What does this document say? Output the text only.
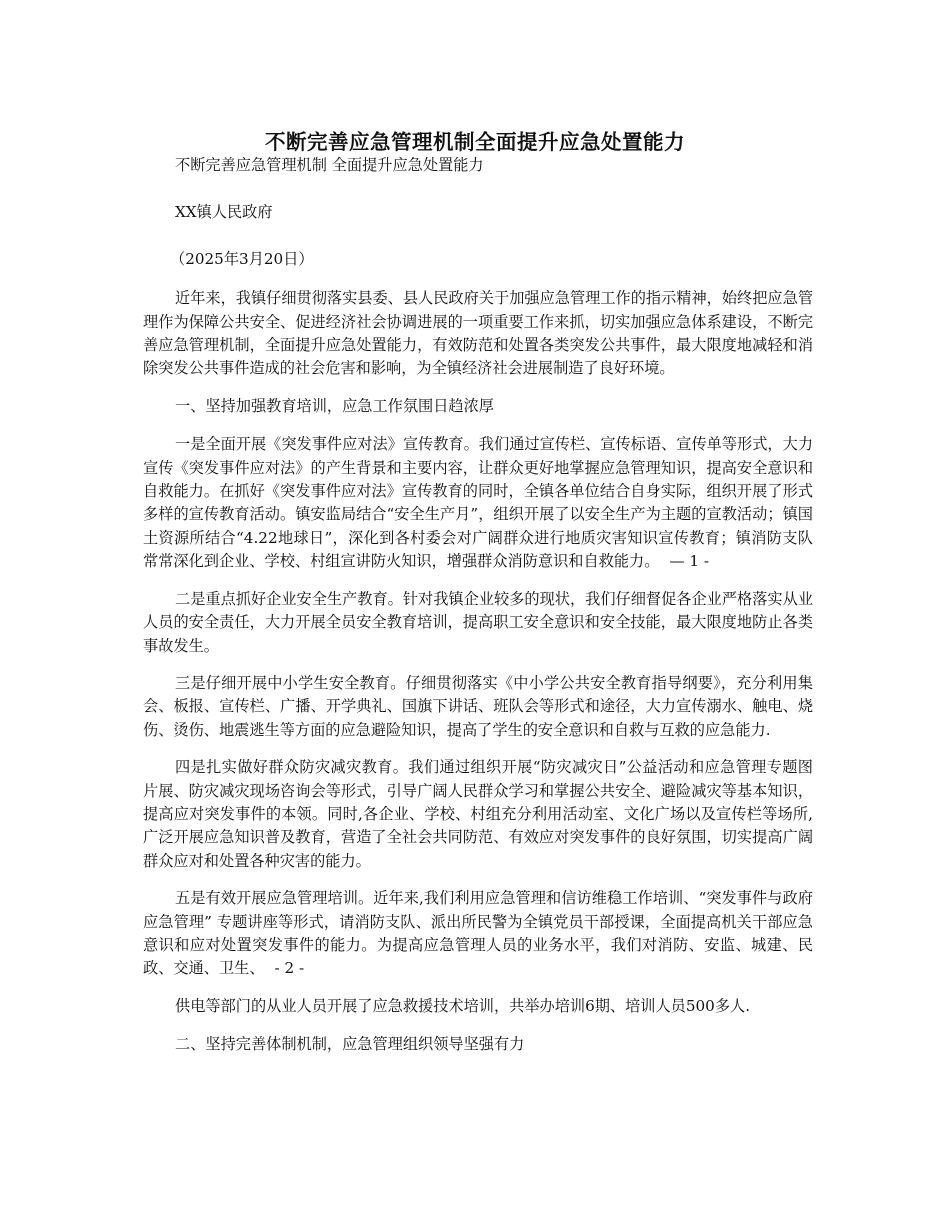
不断完善应急管理机制全面提升应急处置能力

不断完善应急管理机制 全面提升应急处置能力

XX镇人民政府

（2025年3月20日）

近年来，我镇仔细贯彻落实县委、县人民政府关于加强应急管理工作的指示精神，始终把应急管理作为保障公共安全、促进经济社会协调进展的一项重要工作来抓，切实加强应急体系建设，不断完善应急管理机制，全面提升应急处置能力，有效防范和处置各类突发公共事件，最大限度地减轻和消除突发公共事件造成的社会危害和影响，为全镇经济社会进展制造了良好环境。

一、坚持加强教育培训，应急工作氛围日趋浓厚

一是全面开展《突发事件应对法》宣传教育。我们通过宣传栏、宣传标语、宣传单等形式，大力宣传《突发事件应对法》的产生背景和主要内容，让群众更好地掌握应急管理知识，提高安全意识和自救能力。在抓好《突发事件应对法》宣传教育的同时，全镇各单位结合自身实际，组织开展了形式多样的宣传教育活动。镇安监局结合“安全生产月”，组织开展了以安全生产为主题的宣教活动；镇国土资源所结合“4.22地球日”，深化到各村委会对广阔群众进行地质灾害知识宣传教育；镇消防支队常常深化到企业、学校、村组宣讲防火知识，增强群众消防意识和自救能力。 — 1 -

二是重点抓好企业安全生产教育。针对我镇企业较多的现状，我们仔细督促各企业严格落实从业人员的安全责任，大力开展全员安全教育培训，提高职工安全意识和安全技能，最大限度地防止各类事故发生。

三是仔细开展中小学生安全教育。仔细贯彻落实《中小学公共安全教育指导纲要》，充分利用集会、板报、宣传栏、广播、开学典礼、国旗下讲话、班队会等形式和途径，大力宣传溺水、触电、烧伤、烫伤、地震逃生等方面的应急避险知识，提高了学生的安全意识和自救与互救的应急能力.

四是扎实做好群众防灾减灾教育。我们通过组织开展“防灾减灾日”公益活动和应急管理专题图片展、防灾减灾现场咨询会等形式，引导广阔人民群众学习和掌握公共安全、避险减灾等基本知识，提高应对突发事件的本领。同时,各企业、学校、村组充分利用活动室、文化广场以及宣传栏等场所,广泛开展应急知识普及教育，营造了全社会共同防范、有效应对突发事件的良好氛围，切实提高广阔群众应对和处置各种灾害的能力。

五是有效开展应急管理培训。近年来,我们利用应急管理和信访维稳工作培训、“突发事件与政府应急管理” 专题讲座等形式，请消防支队、派出所民警为全镇党员干部授课，全面提高机关干部应急意识和应对处置突发事件的能力。为提高应急管理人员的业务水平，我们对消防、安监、城建、民政、交通、卫生、 - 2 -

供电等部门的从业人员开展了应急救援技术培训，共举办培训6期、培训人员500多人.

二、坚持完善体制机制，应急管理组织领导坚强有力
